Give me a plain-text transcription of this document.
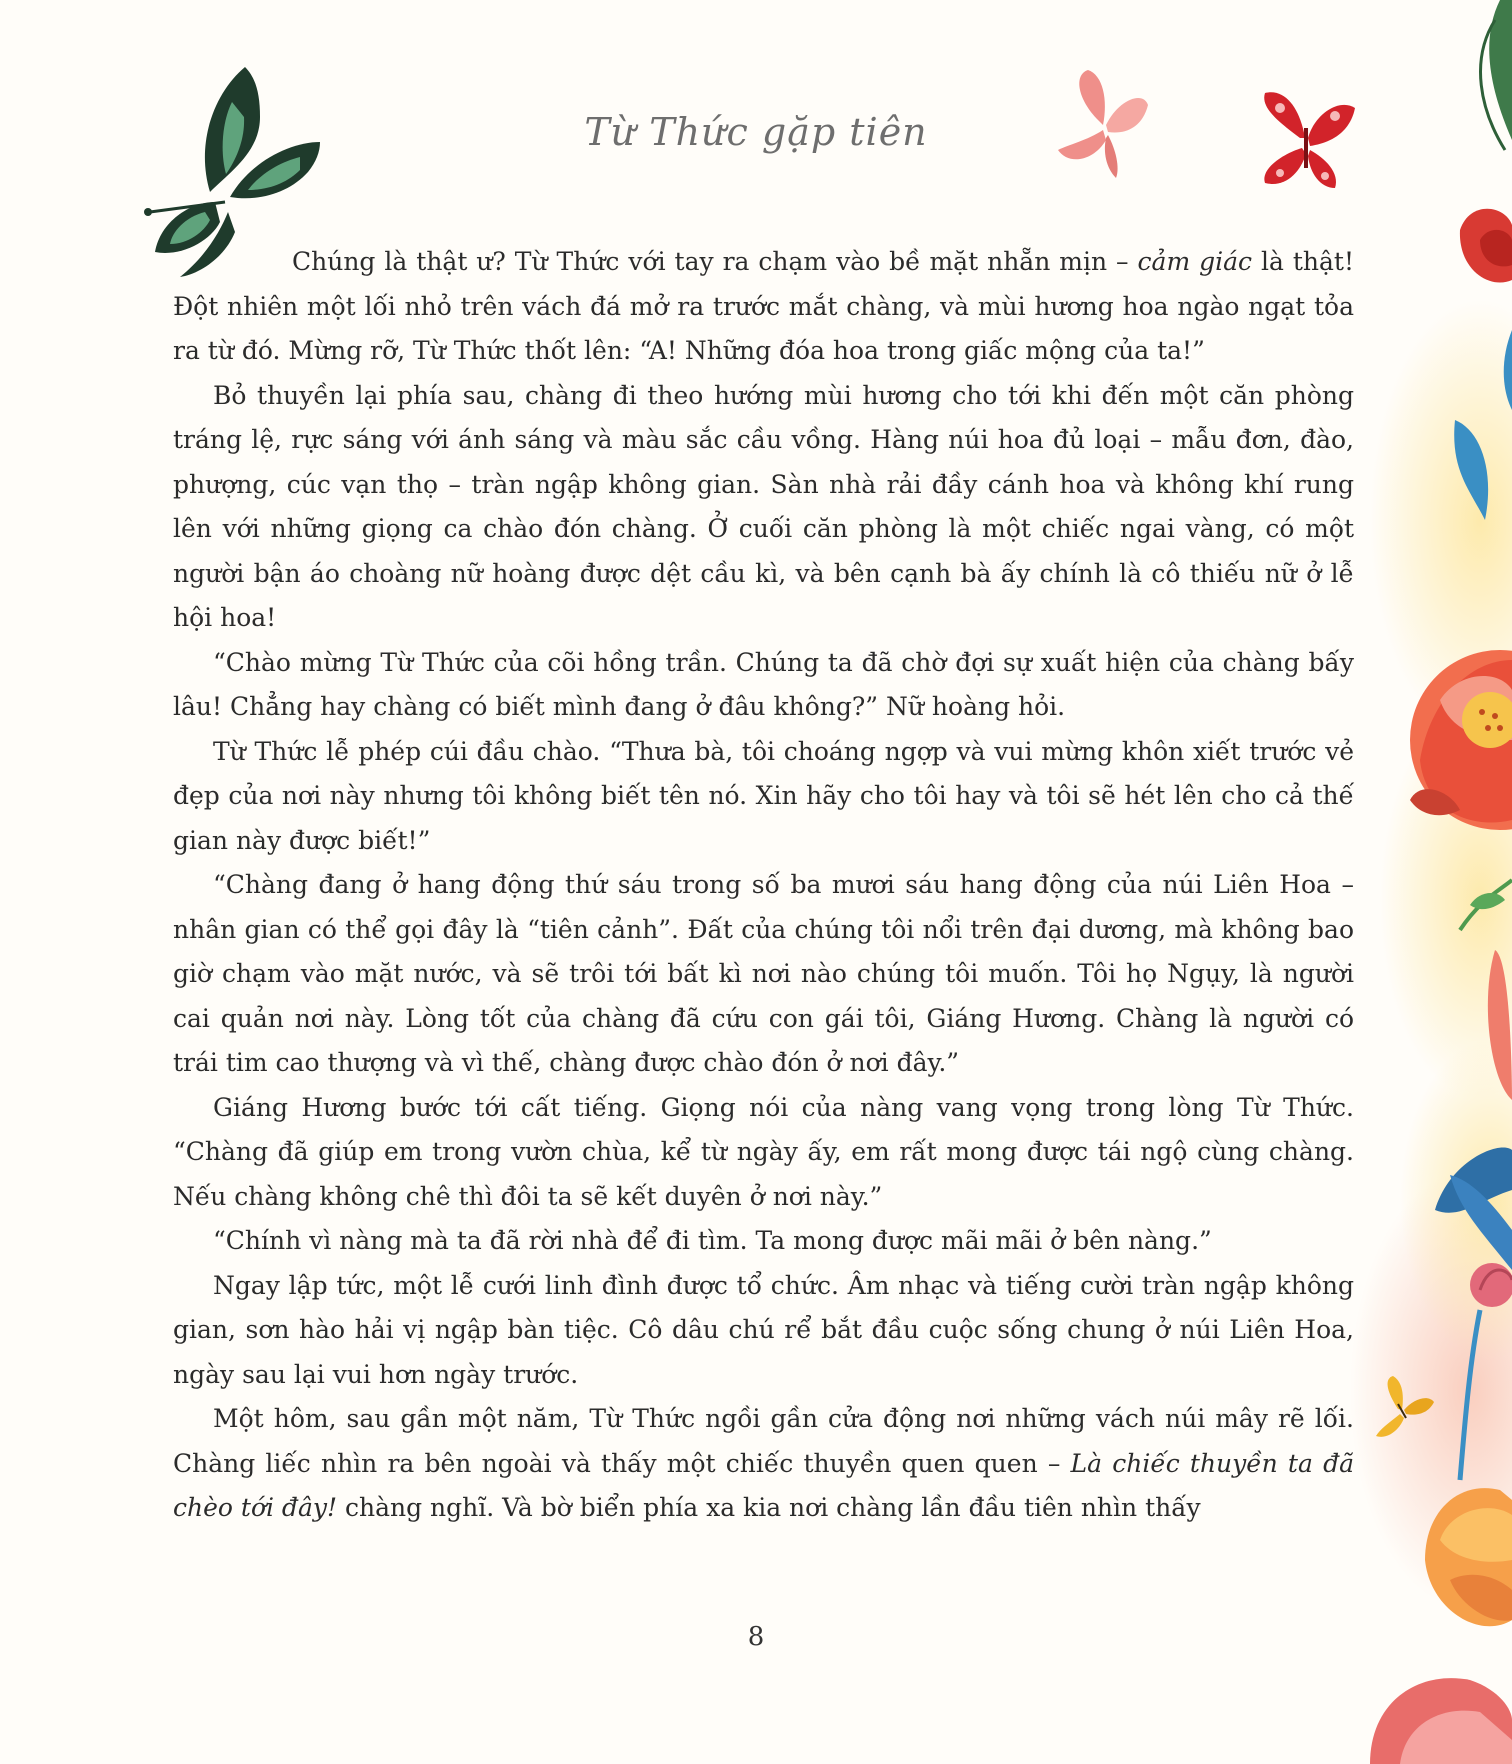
Từ Thức gặp tiên

Chúng là thật ư? Từ Thức với tay ra chạm vào bề mặt nhẵn mịn – cảm giác là thật! Đột nhiên một lối nhỏ trên vách đá mở ra trước mắt chàng, và mùi hương hoa ngào ngạt tỏa ra từ đó. Mừng rỡ, Từ Thức thốt lên: “A! Những đóa hoa trong giấc mộng của ta!”

Bỏ thuyền lại phía sau, chàng đi theo hướng mùi hương cho tới khi đến một căn phòng tráng lệ, rực sáng với ánh sáng và màu sắc cầu vồng. Hàng núi hoa đủ loại – mẫu đơn, đào, phượng, cúc vạn thọ – tràn ngập không gian. Sàn nhà rải đầy cánh hoa và không khí rung lên với những giọng ca chào đón chàng. Ở cuối căn phòng là một chiếc ngai vàng, có một người bận áo choàng nữ hoàng được dệt cầu kì, và bên cạnh bà ấy chính là cô thiếu nữ ở lễ hội hoa!

“Chào mừng Từ Thức của cõi hồng trần. Chúng ta đã chờ đợi sự xuất hiện của chàng bấy lâu! Chẳng hay chàng có biết mình đang ở đâu không?” Nữ hoàng hỏi.

Từ Thức lễ phép cúi đầu chào. “Thưa bà, tôi choáng ngợp và vui mừng khôn xiết trước vẻ đẹp của nơi này nhưng tôi không biết tên nó. Xin hãy cho tôi hay và tôi sẽ hét lên cho cả thế gian này được biết!”

“Chàng đang ở hang động thứ sáu trong số ba mươi sáu hang động của núi Liên Hoa – nhân gian có thể gọi đây là “tiên cảnh”. Đất của chúng tôi nổi trên đại dương, mà không bao giờ chạm vào mặt nước, và sẽ trôi tới bất kì nơi nào chúng tôi muốn. Tôi họ Ngụy, là người cai quản nơi này. Lòng tốt của chàng đã cứu con gái tôi, Giáng Hương. Chàng là người có trái tim cao thượng và vì thế, chàng được chào đón ở nơi đây.”

Giáng Hương bước tới cất tiếng. Giọng nói của nàng vang vọng trong lòng Từ Thức. “Chàng đã giúp em trong vườn chùa, kể từ ngày ấy, em rất mong được tái ngộ cùng chàng. Nếu chàng không chê thì đôi ta sẽ kết duyên ở nơi này.”

“Chính vì nàng mà ta đã rời nhà để đi tìm. Ta mong được mãi mãi ở bên nàng.”

Ngay lập tức, một lễ cưới linh đình được tổ chức. Âm nhạc và tiếng cười tràn ngập không gian, sơn hào hải vị ngập bàn tiệc. Cô dâu chú rể bắt đầu cuộc sống chung ở núi Liên Hoa, ngày sau lại vui hơn ngày trước.

Một hôm, sau gần một năm, Từ Thức ngồi gần cửa động nơi những vách núi mây rẽ lối. Chàng liếc nhìn ra bên ngoài và thấy một chiếc thuyền quen quen – Là chiếc thuyền ta đã chèo tới đây! chàng nghĩ. Và bờ biển phía xa kia nơi chàng lần đầu tiên nhìn thấy

8
